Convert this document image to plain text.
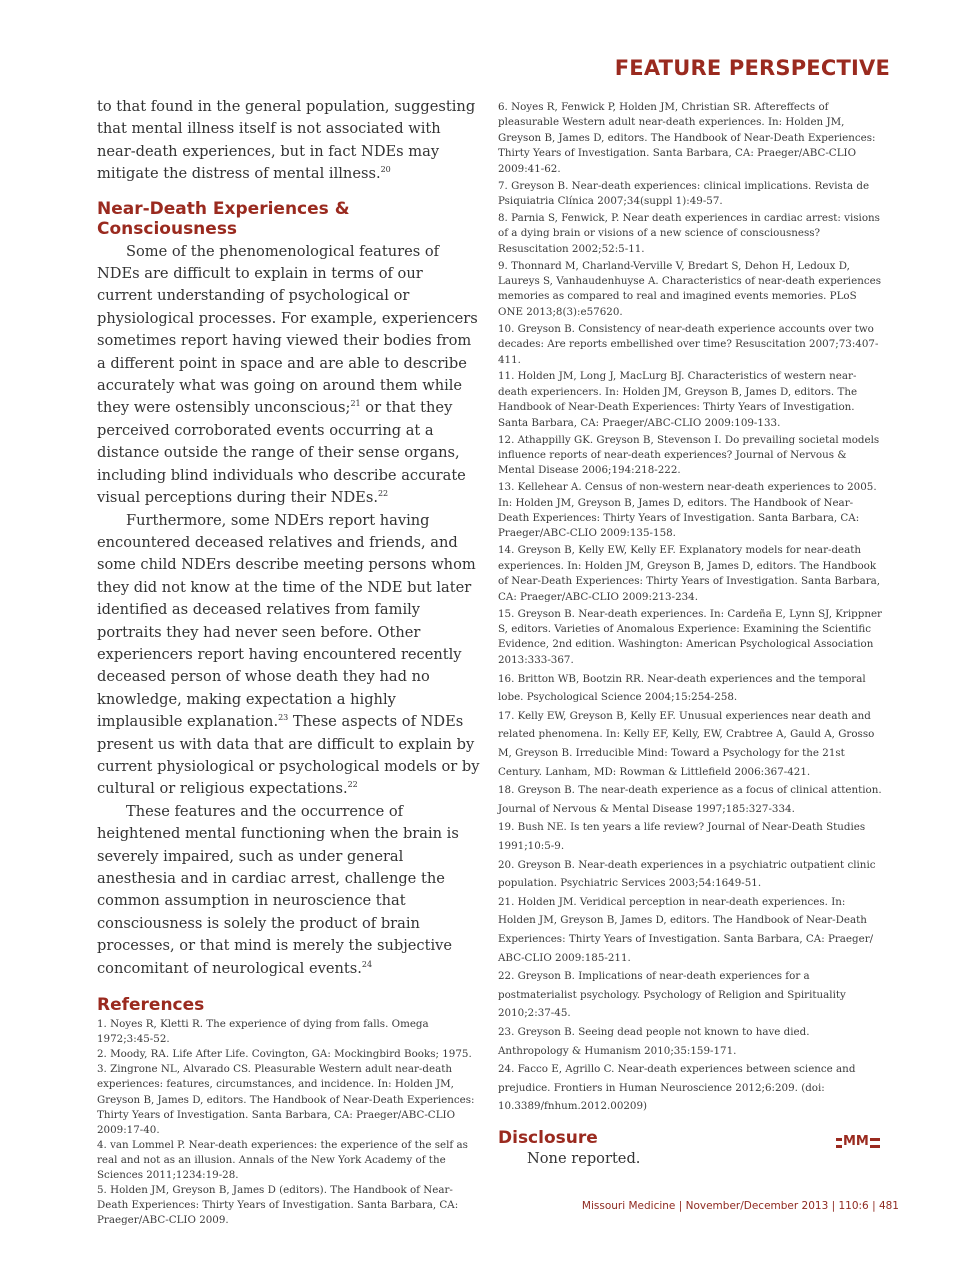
FEATURE PERSPECTIVE

to that found in the general population, suggesting that mental illness itself is not associated with near-death experiences, but in fact NDEs may mitigate the distress of mental illness.$^{20}$

Near-Death Experiences & Consciousness

Some of the phenomenological features of NDEs are difficult to explain in terms of our current understanding of psychological or physiological processes. For example, experiencers sometimes report having viewed their bodies from a different point in space and are able to describe accurately what was going on around them while they were ostensibly unconscious;$^{21}$ or that they perceived corroborated events occurring at a distance outside the range of their sense organs, including blind individuals who describe accurate visual perceptions during their NDEs.$^{22}$

Furthermore, some NDErs report having encountered deceased relatives and friends, and some child NDErs describe meeting persons whom they did not know at the time of the NDE but later identified as deceased relatives from family portraits they had never seen before. Other experiencers report having encountered recently deceased person of whose death they had no knowledge, making expectation a highly implausible explanation.$^{23}$ These aspects of NDEs present us with data that are difficult to explain by current physiological or psychological models or by cultural or religious expectations.$^{22}$

These features and the occurrence of heightened mental functioning when the brain is severely impaired, such as under general anesthesia and in cardiac arrest, challenge the common assumption in neuroscience that consciousness is solely the product of brain processes, or that mind is merely the subjective concomitant of neurological events.$^{24}$

References
1. Noyes R, Kletti R. The experience of dying from falls. Omega 1972;3:45-52.
2. Moody, RA. Life After Life. Covington, GA: Mockingbird Books; 1975.
3. Zingrone NL, Alvarado CS. Pleasurable Western adult near-death experiences: features, circumstances, and incidence. In: Holden JM, Greyson B, James D, editors. The Handbook of Near-Death Experiences: Thirty Years of Investigation. Santa Barbara, CA: Praeger/ABC-CLIO 2009:17-40.
4. van Lommel P. Near-death experiences: the experience of the self as real and not as an illusion. Annals of the New York Academy of the Sciences 2011;1234:19-28.
5. Holden JM, Greyson B, James D (editors). The Handbook of Near-Death Experiences: Thirty Years of Investigation. Santa Barbara, CA: Praeger/ABC-CLIO 2009.
6. Noyes R, Fenwick P, Holden JM, Christian SR. Aftereffects of pleasurable Western adult near-death experiences. In: Holden JM, Greyson B, James D, editors. The Handbook of Near-Death Experiences: Thirty Years of Investigation. Santa Barbara, CA: Praeger/ABC-CLIO 2009:41-62.
7. Greyson B. Near-death experiences: clinical implications. Revista de Psiquiatria Clínica 2007;34(suppl 1):49-57.
8. Parnia S, Fenwick, P. Near death experiences in cardiac arrest: visions of a dying brain or visions of a new science of consciousness? Resuscitation 2002;52:5-11.
9. Thonnard M, Charland-Verville V, Bredart S, Dehon H, Ledoux D, Laureys S, Vanhaudenhuyse A. Characteristics of near-death experiences memories as compared to real and imagined events memories. PLoS ONE 2013;8(3):e57620.
10. Greyson B. Consistency of near-death experience accounts over two decades: Are reports embellished over time? Resuscitation 2007;73:407-411.
11. Holden JM, Long J, MacLurg BJ. Characteristics of western near-death experiencers. In: Holden JM, Greyson B, James D, editors. The Handbook of Near-Death Experiences: Thirty Years of Investigation. Santa Barbara, CA: Praeger/ABC-CLIO 2009:109-133.
12. Athappilly GK. Greyson B, Stevenson I. Do prevailing societal models influence reports of near-death experiences? Journal of Nervous & Mental Disease 2006;194:218-222.
13. Kellehear A. Census of non-western near-death experiences to 2005. In: Holden JM, Greyson B, James D, editors. The Handbook of Near-Death Experiences: Thirty Years of Investigation. Santa Barbara, CA: Praeger/ABC-CLIO 2009:135-158.
14. Greyson B, Kelly EW, Kelly EF. Explanatory models for near-death experiences. In: Holden JM, Greyson B, James D, editors. The Handbook of Near-Death Experiences: Thirty Years of Investigation. Santa Barbara, CA: Praeger/ABC-CLIO 2009:213-234.
15. Greyson B. Near-death experiences. In: Cardeña E, Lynn SJ, Krippner S, editors. Varieties of Anomalous Experience: Examining the Scientific Evidence, 2nd edition. Washington: American Psychological Association 2013:333-367.
16. Britton WB, Bootzin RR. Near-death experiences and the temporal lobe. Psychological Science 2004;15:254-258.
17. Kelly EW, Greyson B, Kelly EF. Unusual experiences near death and related phenomena. In: Kelly EF, Kelly, EW, Crabtree A, Gauld A, Grosso M, Greyson B. Irreducible Mind: Toward a Psychology for the 21st Century. Lanham, MD: Rowman & Littlefield 2006:367-421.
18. Greyson B. The near-death experience as a focus of clinical attention. Journal of Nervous & Mental Disease 1997;185:327-334.
19. Bush NE. Is ten years a life review? Journal of Near-Death Studies 1991;10:5-9.
20. Greyson B. Near-death experiences in a psychiatric outpatient clinic population. Psychiatric Services 2003;54:1649-51.
21. Holden JM. Veridical perception in near-death experiences. In: Holden JM, Greyson B, James D, editors. The Handbook of Near-Death Experiences: Thirty Years of Investigation. Santa Barbara, CA: Praeger/ ABC-CLIO 2009:185-211.
22. Greyson B. Implications of near-death experiences for a postmaterialist psychology. Psychology of Religion and Spirituality 2010;2:37-45.
23. Greyson B. Seeing dead people not known to have died. Anthropology & Humanism 2010;35:159-171.
24. Facco E, Agrillo C. Near-death experiences between science and prejudice. Frontiers in Human Neuroscience 2012;6:209. (doi: 10.3389/fnhum.2012.00209)
Disclosure

None reported.

MM
Missouri Medicine | November/December 2013 | 110:6 | 481
